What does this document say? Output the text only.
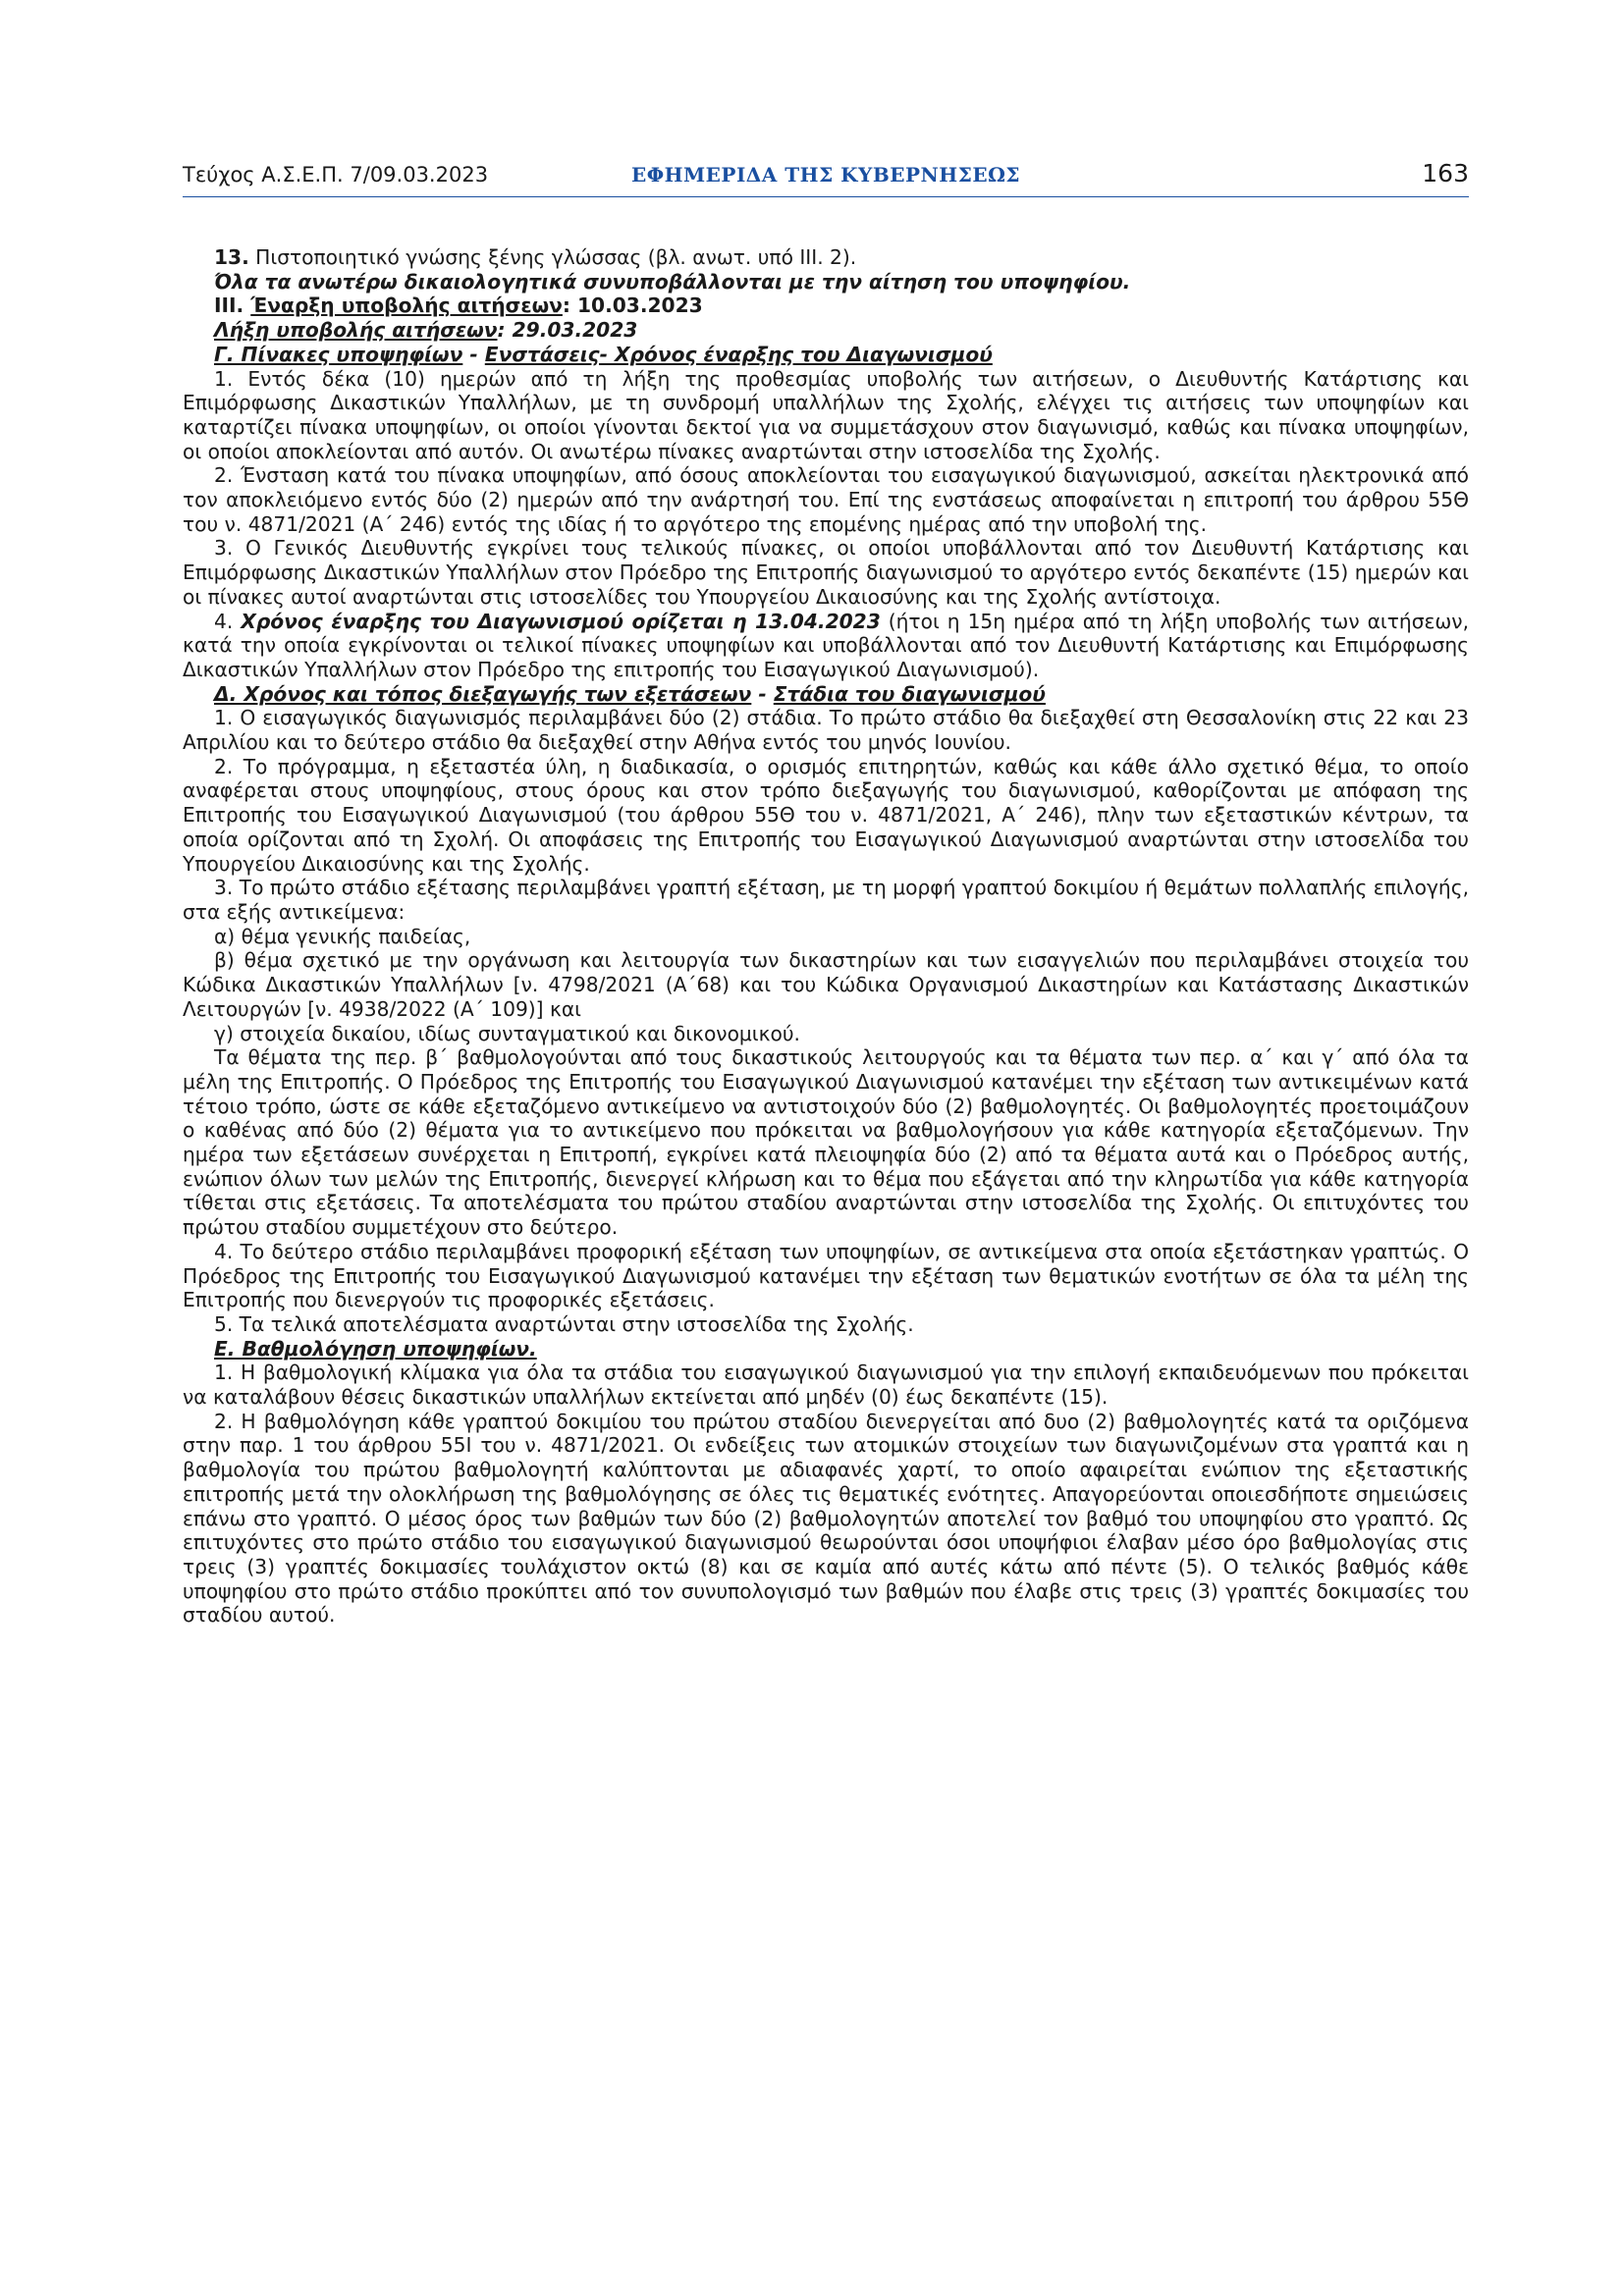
Τεύχος Α.Σ.Ε.Π. 7/09.03.2023	ΕΦΗΜΕΡΙΔΑ ΤΗΣ ΚΥΒΕΡΝΗΣΕΩΣ	163

13. Πιστοποιητικό γνώσης ξένης γλώσσας (βλ. ανωτ. υπό ΙΙΙ. 2).

Όλα τα ανωτέρω δικαιολογητικά συνυποβάλλονται με την αίτηση του υποψηφίου.

ΙΙΙ. Έναρξη υποβολής αιτήσεων: 10.03.2023

Λήξη υποβολής αιτήσεων: 29.03.2023

Γ. Πίνακες υποψηφίων - Ενστάσεις- Χρόνος έναρξης του Διαγωνισμού

1. Εντός δέκα (10) ημερών από τη λήξη της προθεσμίας υποβολής των αιτήσεων, ο Διευθυντής Κατάρτισης και Επιμόρφωσης Δικαστικών Υπαλλήλων, με τη συνδρομή υπαλλήλων της Σχολής, ελέγχει τις αιτήσεις των υποψηφίων και καταρτίζει πίνακα υποψηφίων, οι οποίοι γίνονται δεκτοί για να συμμετάσχουν στον διαγωνισμό, καθώς και πίνακα υποψηφίων, οι οποίοι αποκλείονται από αυτόν. Οι ανωτέρω πίνακες αναρτώνται στην ιστοσελίδα της Σχολής.

2. Ένσταση κατά του πίνακα υποψηφίων, από όσους αποκλείονται του εισαγωγικού διαγωνισμού, ασκείται ηλεκτρονικά από τον αποκλειόμενο εντός δύο (2) ημερών από την ανάρτησή του. Επί της ενστάσεως αποφαίνεται η επιτροπή του άρθρου 55Θ του ν. 4871/2021 (Α΄ 246) εντός της ιδίας ή το αργότερο της επομένης ημέρας από την υποβολή της.

3. Ο Γενικός Διευθυντής εγκρίνει τους τελικούς πίνακες, οι οποίοι υποβάλλονται από τον Διευθυντή Κατάρτισης και Επιμόρφωσης Δικαστικών Υπαλλήλων στον Πρόεδρο της Επιτροπής διαγωνισμού το αργότερο εντός δεκαπέντε (15) ημερών και οι πίνακες αυτοί αναρτώνται στις ιστοσελίδες του Υπουργείου Δικαιοσύνης και της Σχολής αντίστοιχα.

4. Χρόνος έναρξης του Διαγωνισμού ορίζεται η 13.04.2023 (ήτοι η 15η ημέρα από τη λήξη υποβολής των αιτήσεων, κατά την οποία εγκρίνονται οι τελικοί πίνακες υποψηφίων και υποβάλλονται από τον Διευθυντή Κατάρτισης και Επιμόρφωσης Δικαστικών Υπαλλήλων στον Πρόεδρο της επιτροπής του Εισαγωγικού Διαγωνισμού).

Δ. Χρόνος και τόπος διεξαγωγής των εξετάσεων - Στάδια του διαγωνισμού

1. Ο εισαγωγικός διαγωνισμός περιλαμβάνει δύο (2) στάδια. Το πρώτο στάδιο θα διεξαχθεί στη Θεσσαλονίκη στις 22 και 23 Απριλίου και το δεύτερο στάδιο θα διεξαχθεί στην Αθήνα εντός του μηνός Ιουνίου.

2. Το πρόγραμμα, η εξεταστέα ύλη, η διαδικασία, ο ορισμός επιτηρητών, καθώς και κάθε άλλο σχετικό θέμα, το οποίο αναφέρεται στους υποψηφίους, στους όρους και στον τρόπο διεξαγωγής του διαγωνισμού, καθορίζονται με απόφαση της Επιτροπής του Εισαγωγικού Διαγωνισμού (του άρθρου 55Θ του ν. 4871/2021, Α΄ 246), πλην των εξεταστικών κέντρων, τα οποία ορίζονται από τη Σχολή. Οι αποφάσεις της Επιτροπής του Εισαγωγικού Διαγωνισμού αναρτώνται στην ιστοσελίδα του Υπουργείου Δικαιοσύνης και της Σχολής.

3. Το πρώτο στάδιο εξέτασης περιλαμβάνει γραπτή εξέταση, με τη μορφή γραπτού δοκιμίου ή θεμάτων πολλαπλής επιλογής, στα εξής αντικείμενα:

α) θέμα γενικής παιδείας,

β) θέμα σχετικό με την οργάνωση και λειτουργία των δικαστηρίων και των εισαγγελιών που περιλαμβάνει στοιχεία του Κώδικα Δικαστικών Υπαλλήλων [ν. 4798/2021 (Α΄68) και του Κώδικα Οργανισμού Δικαστηρίων και Κατάστασης Δικαστικών Λειτουργών [ν. 4938/2022 (Α΄ 109)] και

γ) στοιχεία δικαίου, ιδίως συνταγματικού και δικονομικού.

Τα θέματα της περ. β΄ βαθμολογούνται από τους δικαστικούς λειτουργούς και τα θέματα των περ. α΄ και γ΄ από όλα τα μέλη της Επιτροπής. Ο Πρόεδρος της Επιτροπής του Εισαγωγικού Διαγωνισμού κατανέμει την εξέταση των αντικειμένων κατά τέτοιο τρόπο, ώστε σε κάθε εξεταζόμενο αντικείμενο να αντιστοιχούν δύο (2) βαθμολογητές. Οι βαθμολογητές προετοιμάζουν ο καθένας από δύο (2) θέματα για το αντικείμενο που πρόκειται να βαθμολογήσουν για κάθε κατηγορία εξεταζόμενων. Την ημέρα των εξετάσεων συνέρχεται η Επιτροπή, εγκρίνει κατά πλειοψηφία δύο (2) από τα θέματα αυτά και ο Πρόεδρος αυτής, ενώπιον όλων των μελών της Επιτροπής, διενεργεί κλήρωση και το θέμα που εξάγεται από την κληρωτίδα για κάθε κατηγορία τίθεται στις εξετάσεις. Τα αποτελέσματα του πρώτου σταδίου αναρτώνται στην ιστοσελίδα της Σχολής. Οι επιτυχόντες του πρώτου σταδίου συμμετέχουν στο δεύτερο.

4. Το δεύτερο στάδιο περιλαμβάνει προφορική εξέταση των υποψηφίων, σε αντικείμενα στα οποία εξετάστηκαν γραπτώς. Ο Πρόεδρος της Επιτροπής του Εισαγωγικού Διαγωνισμού κατανέμει την εξέταση των θεματικών ενοτήτων σε όλα τα μέλη της Επιτροπής που διενεργούν τις προφορικές εξετάσεις.

5. Τα τελικά αποτελέσματα αναρτώνται στην ιστοσελίδα της Σχολής.

Ε. Βαθμολόγηση υποψηφίων.

1. Η βαθμολογική κλίμακα για όλα τα στάδια του εισαγωγικού διαγωνισμού για την επιλογή εκπαιδευόμενων που πρόκειται να καταλάβουν θέσεις δικαστικών υπαλλήλων εκτείνεται από μηδέν (0) έως δεκαπέντε (15).

2. Η βαθμολόγηση κάθε γραπτού δοκιμίου του πρώτου σταδίου διενεργείται από δυο (2) βαθμολογητές κατά τα οριζόμενα στην παρ. 1 του άρθρου 55Ι του ν. 4871/2021. Οι ενδείξεις των ατομικών στοιχείων των διαγωνιζομένων στα γραπτά και η βαθμολογία του πρώτου βαθμολογητή καλύπτονται με αδιαφανές χαρτί, το οποίο αφαιρείται ενώπιον της εξεταστικής επιτροπής μετά την ολοκλήρωση της βαθμολόγησης σε όλες τις θεματικές ενότητες. Απαγορεύονται οποιεσδήποτε σημειώσεις επάνω στο γραπτό. Ο μέσος όρος των βαθμών των δύο (2) βαθμολογητών αποτελεί τον βαθμό του υποψηφίου στο γραπτό. Ως επιτυχόντες στο πρώτο στάδιο του εισαγωγικού διαγωνισμού θεωρούνται όσοι υποψήφιοι έλαβαν μέσο όρο βαθμολογίας στις τρεις (3) γραπτές δοκιμασίες τουλάχιστον οκτώ (8) και σε καμία από αυτές κάτω από πέντε (5). Ο τελικός βαθμός κάθε υποψηφίου στο πρώτο στάδιο προκύπτει από τον συνυπολογισμό των βαθμών που έλαβε στις τρεις (3) γραπτές δοκιμασίες του σταδίου αυτού.
